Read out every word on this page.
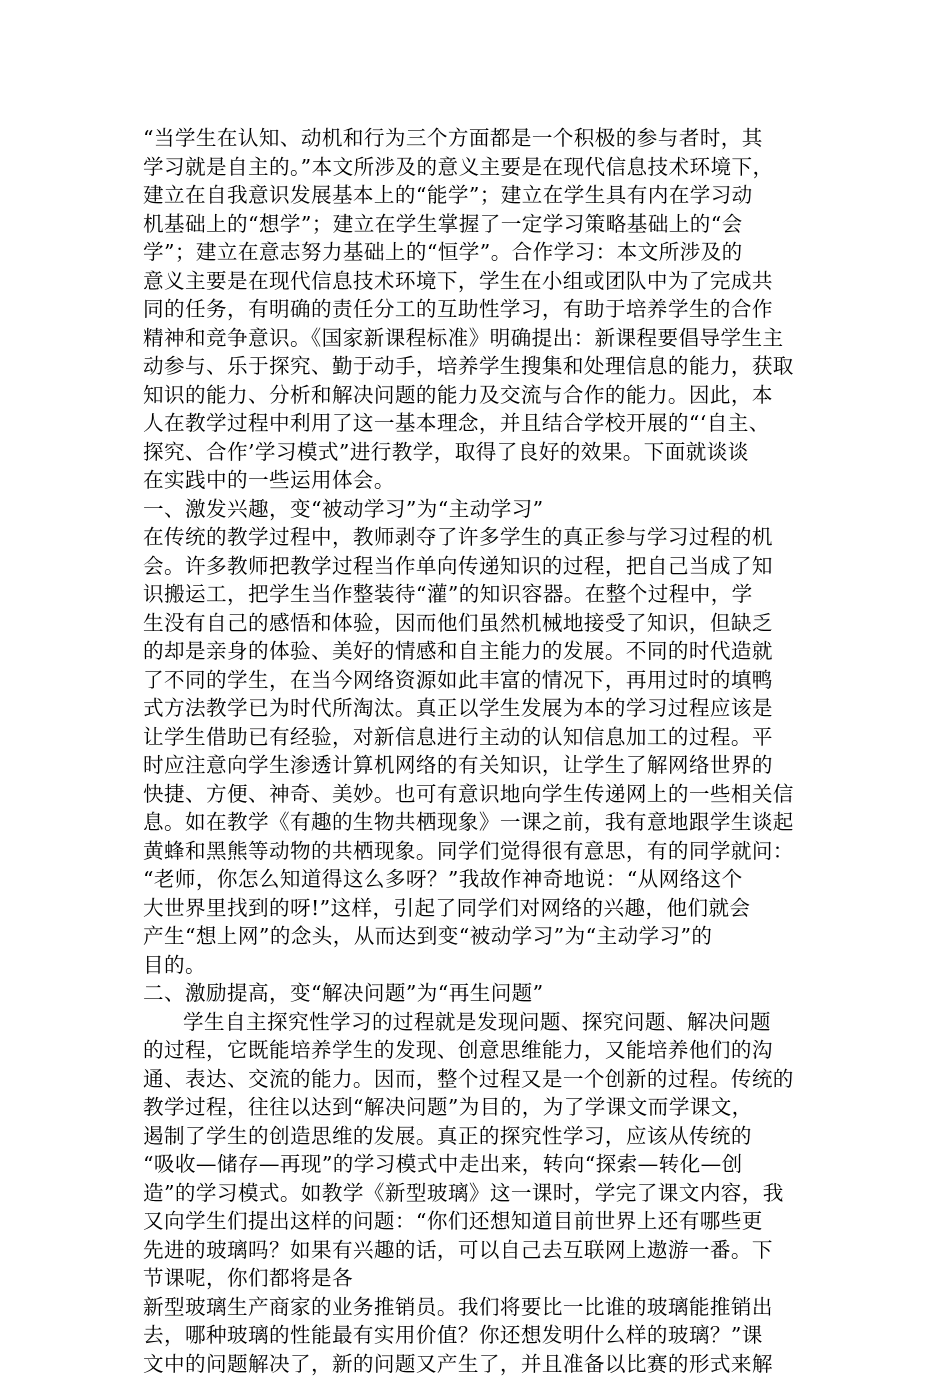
“当学生在认知、动机和行为三个方面都是一个积极的参与者时，其
学习就是自主的。”本文所涉及的意义主要是在现代信息技术环境下，
建立在自我意识发展基本上的“能学”；建立在学生具有内在学习动
机基础上的“想学”；建立在学生掌握了一定学习策略基础上的“会
学”；建立在意志努力基础上的“恒学”。合作学习：本文所涉及的
意义主要是在现代信息技术环境下，学生在小组或团队中为了完成共
同的任务，有明确的责任分工的互助性学习，有助于培养学生的合作
精神和竞争意识。《国家新课程标准》明确提出：新课程要倡导学生主
动参与、乐于探究、勤于动手，培养学生搜集和处理信息的能力，获取
知识的能力、分析和解决问题的能力及交流与合作的能力。因此，本
人在教学过程中利用了这一基本理念，并且结合学校开展的“‘自主、
探究、合作’学习模式”进行教学，取得了良好的效果。下面就谈谈
在实践中的一些运用体会。
一、激发兴趣，变“被动学习”为“主动学习”
在传统的教学过程中，教师剥夺了许多学生的真正参与学习过程的机
会。许多教师把教学过程当作单向传递知识的过程，把自己当成了知
识搬运工，把学生当作整装待“灌”的知识容器。在整个过程中，学
生没有自己的感悟和体验，因而他们虽然机械地接受了知识，但缺乏
的却是亲身的体验、美好的情感和自主能力的发展。不同的时代造就
了不同的学生，在当今网络资源如此丰富的情况下，再用过时的填鸭
式方法教学已为时代所淘汰。真正以学生发展为本的学习过程应该是
让学生借助已有经验，对新信息进行主动的认知信息加工的过程。平
时应注意向学生渗透计算机网络的有关知识，让学生了解网络世界的
快捷、方便、神奇、美妙。也可有意识地向学生传递网上的一些相关信
息。如在教学《有趣的生物共栖现象》一课之前，我有意地跟学生谈起
黄蜂和黑熊等动物的共栖现象。同学们觉得很有意思，有的同学就问：
“老师，你怎么知道得这么多呀？”我故作神奇地说：“从网络这个
大世界里找到的呀!”这样，引起了同学们对网络的兴趣，他们就会
产生“想上网”的念头，从而达到变“被动学习”为“主动学习”的
目的。
二、激励提高，变“解决问题”为“再生问题”
学生自主探究性学习的过程就是发现问题、探究问题、解决问题
的过程，它既能培养学生的发现、创意思维能力，又能培养他们的沟
通、表达、交流的能力。因而，整个过程又是一个创新的过程。传统的
教学过程，往往以达到“解决问题”为目的，为了学课文而学课文，
遏制了学生的创造思维的发展。真正的探究性学习，应该从传统的
“吸收—储存—再现”的学习模式中走出来，转向“探索—转化—创
造”的学习模式。如教学《新型玻璃》这一课时，学完了课文内容，我
又向学生们提出这样的问题：“你们还想知道目前世界上还有哪些更
先进的玻璃吗？如果有兴趣的话，可以自己去互联网上遨游一番。下
节课呢，你们都将是各
新型玻璃生产商家的业务推销员。我们将要比一比谁的玻璃能推销出
去，哪种玻璃的性能最有实用价值？你还想发明什么样的玻璃？”课
文中的问题解决了，新的问题又产生了，并且准备以比赛的形式来解
